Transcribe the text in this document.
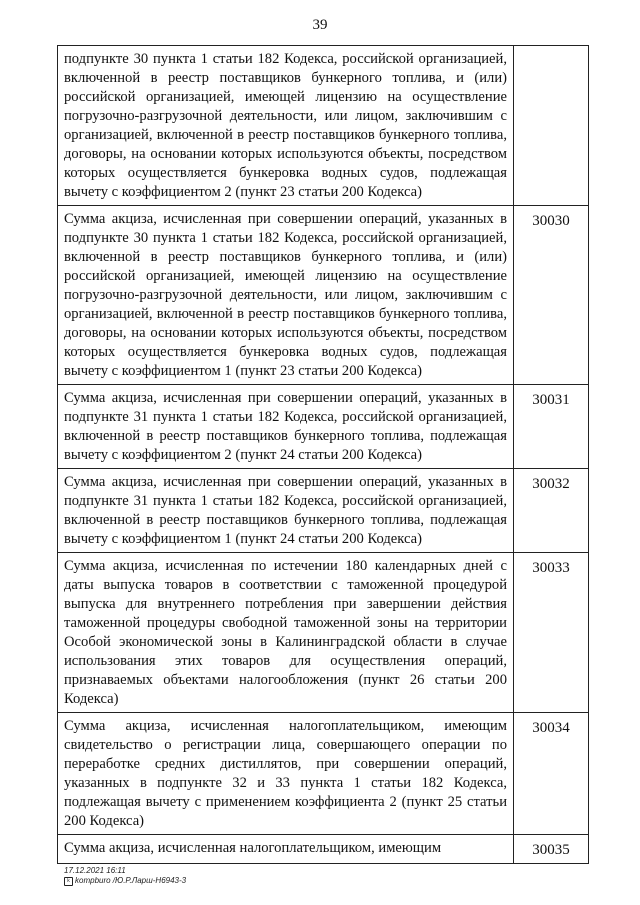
39
подпункте 30 пункта 1 статьи 182 Кодекса, российской организацией, включенной в реестр поставщиков бункерного топлива, и (или) российской организацией, имеющей лицензию на осуществление погрузочно-разгрузочной деятельности, или лицом, заключившим с организацией, включенной в реестр поставщиков бункерного топлива, договоры, на основании которых используются объекты, посредством которых осуществляется бункеровка водных судов, подлежащая вычету с коэффициентом 2 (пункт 23 статьи 200 Кодекса)	
Сумма акциза, исчисленная при совершении операций, указанных в подпункте 30 пункта 1 статьи 182 Кодекса, российской организацией, включенной в реестр поставщиков бункерного топлива, и (или) российской организацией, имеющей лицензию на осуществление погрузочно-разгрузочной деятельности, или лицом, заключившим с организацией, включенной в реестр поставщиков бункерного топлива, договоры, на основании которых используются объекты, посредством которых осуществляется бункеровка водных судов, подлежащая вычету с коэффициентом 1 (пункт 23 статьи 200 Кодекса)	30030
Сумма акциза, исчисленная при совершении операций, указанных в подпункте 31 пункта 1 статьи 182 Кодекса, российской организацией, включенной в реестр поставщиков бункерного топлива, подлежащая вычету с коэффициентом 2 (пункт 24 статьи 200 Кодекса)	30031
Сумма акциза, исчисленная при совершении операций, указанных в подпункте 31 пункта 1 статьи 182 Кодекса, российской организацией, включенной в реестр поставщиков бункерного топлива, подлежащая вычету с коэффициентом 1 (пункт 24 статьи 200 Кодекса)	30032
Сумма акциза, исчисленная по истечении 180 календарных дней с даты выпуска товаров в соответствии с таможенной процедурой выпуска для внутреннего потребления при завершении действия таможенной процедуры свободной таможенной зоны на территории Особой экономической зоны в Калининградской области в случае использования этих товаров для осуществления операций, признаваемых объектами налогообложения (пункт 26 статьи 200 Кодекса)	30033
Сумма акциза, исчисленная налогоплательщиком, имеющим свидетельство о регистрации лица, совершающего операции по переработке средних дистиллятов, при совершении операций, указанных в подпункте 32 и 33 пункта 1 статьи 182 Кодекса, подлежащая вычету с применением коэффициента 2 (пункт 25 статьи 200 Кодекса)	30034
Сумма акциза, исчисленная налогоплательщиком, имеющим	30035
17.12.2021 16:11
k kompburo /Ю.Р.Ларш-Н6943-3
